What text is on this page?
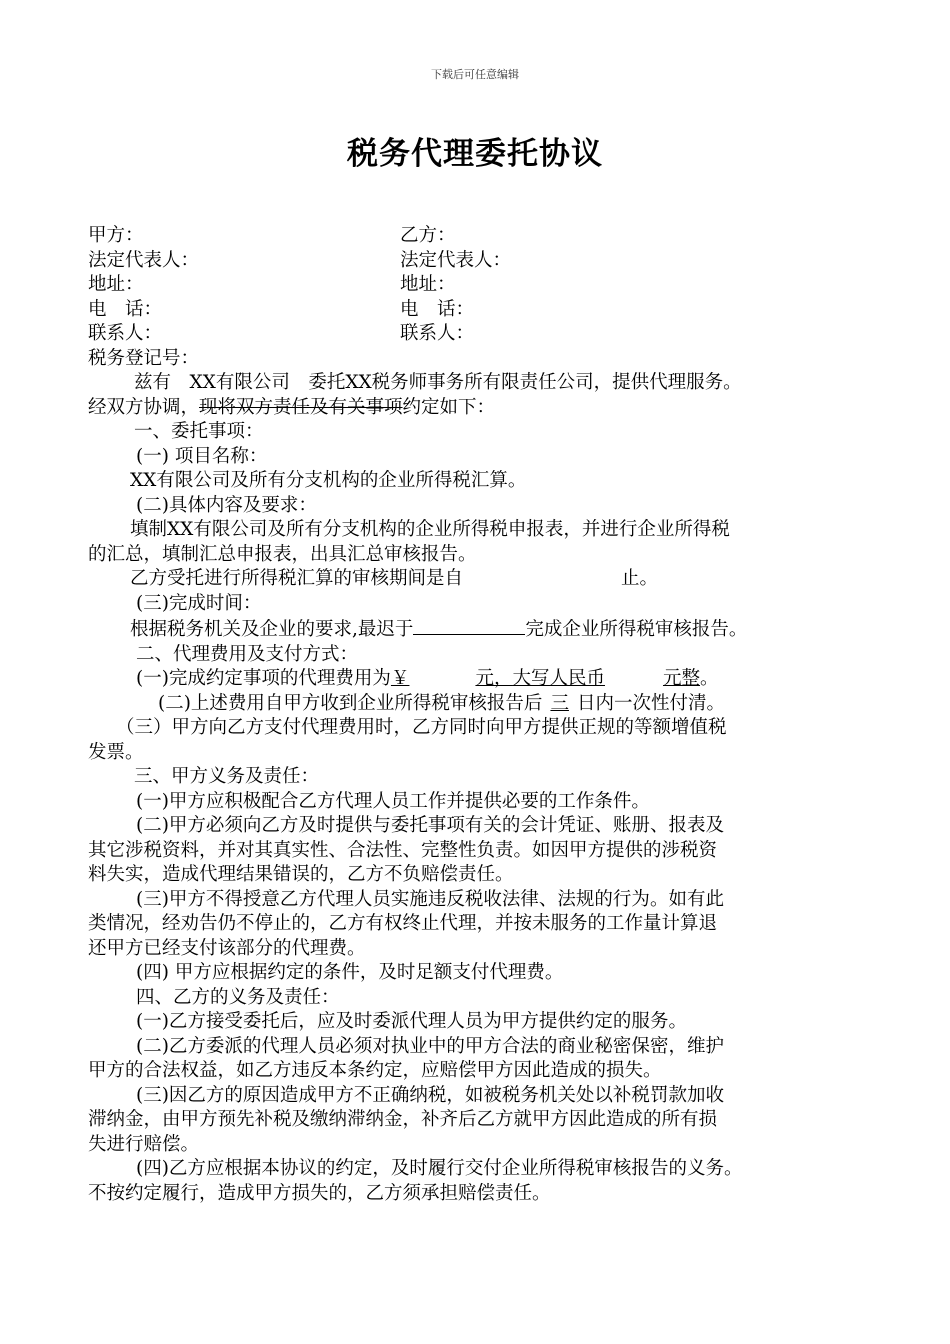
下载后可任意编辑
税务代理委托协议
甲方：	乙方：
法定代表人：	法定代表人：
地址：	地址：
电　话：	电　话：
联系人：	联系人：
税务登记号：
兹有　XX有限公司　委托XX税务师事务所有限责任公司，提供代理服务。
经双方协调，现将双方责任及有关事项约定如下：
一、委托事项：
(一) 项目名称：
XX有限公司及所有分支机构的企业所得税汇算。
(二)具体内容及要求：
填制XX有限公司及所有分支机构的企业所得税申报表，并进行企业所得税
的汇总，填制汇总申报表，出具汇总审核报告。
乙方受托进行所得税汇算的审核期间是自	止。
(三)完成时间：
根据税务机关及企业的要求,最迟于	完成企业所得税审核报告。
二、代理费用及支付方式：
(一)完成约定事项的代理费用为￥	元，大写人民币	元整。
(二)上述费用自甲方收到企业所得税审核报告后 三 日内一次性付清。
（三）甲方向乙方支付代理费用时，乙方同时向甲方提供正规的等额增值税
发票。
三、甲方义务及责任：
(一)甲方应积极配合乙方代理人员工作并提供必要的工作条件。
(二)甲方必须向乙方及时提供与委托事项有关的会计凭证、账册、报表及
其它涉税资料，并对其真实性、合法性、完整性负责。如因甲方提供的涉税资
料失实，造成代理结果错误的，乙方不负赔偿责任。
(三)甲方不得授意乙方代理人员实施违反税收法律、法规的行为。如有此
类情况，经劝告仍不停止的，乙方有权终止代理，并按未服务的工作量计算退
还甲方已经支付该部分的代理费。
(四) 甲方应根据约定的条件，及时足额支付代理费。
四、乙方的义务及责任：
(一)乙方接受委托后，应及时委派代理人员为甲方提供约定的服务。
(二)乙方委派的代理人员必须对执业中的甲方合法的商业秘密保密，维护
甲方的合法权益，如乙方违反本条约定，应赔偿甲方因此造成的损失。
(三)因乙方的原因造成甲方不正确纳税，如被税务机关处以补税罚款加收
滞纳金，由甲方预先补税及缴纳滞纳金，补齐后乙方就甲方因此造成的所有损
失进行赔偿。
(四)乙方应根据本协议的约定，及时履行交付企业所得税审核报告的义务。
不按约定履行，造成甲方损失的，乙方须承担赔偿责任。
